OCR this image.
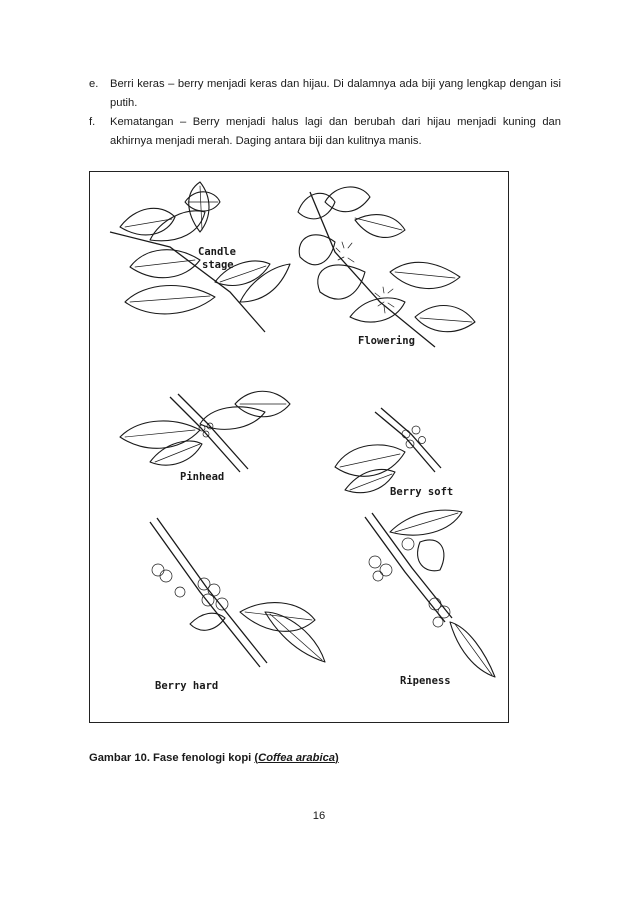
e. Berri keras – berry menjadi keras dan hijau. Di dalamnya ada biji yang lengkap dengan isi putih.

f. Kematangan – Berry menjadi halus lagi dan berubah dari hijau menjadi kuning dan akhirnya menjadi merah. Daging antara biji dan kulitnya manis.

Candle
stage
Flowering
Pinhead
Berry soft
Berry hard	Ripeness
Gambar 10. Fase fenologi kopi (Coffea arabica)
16
